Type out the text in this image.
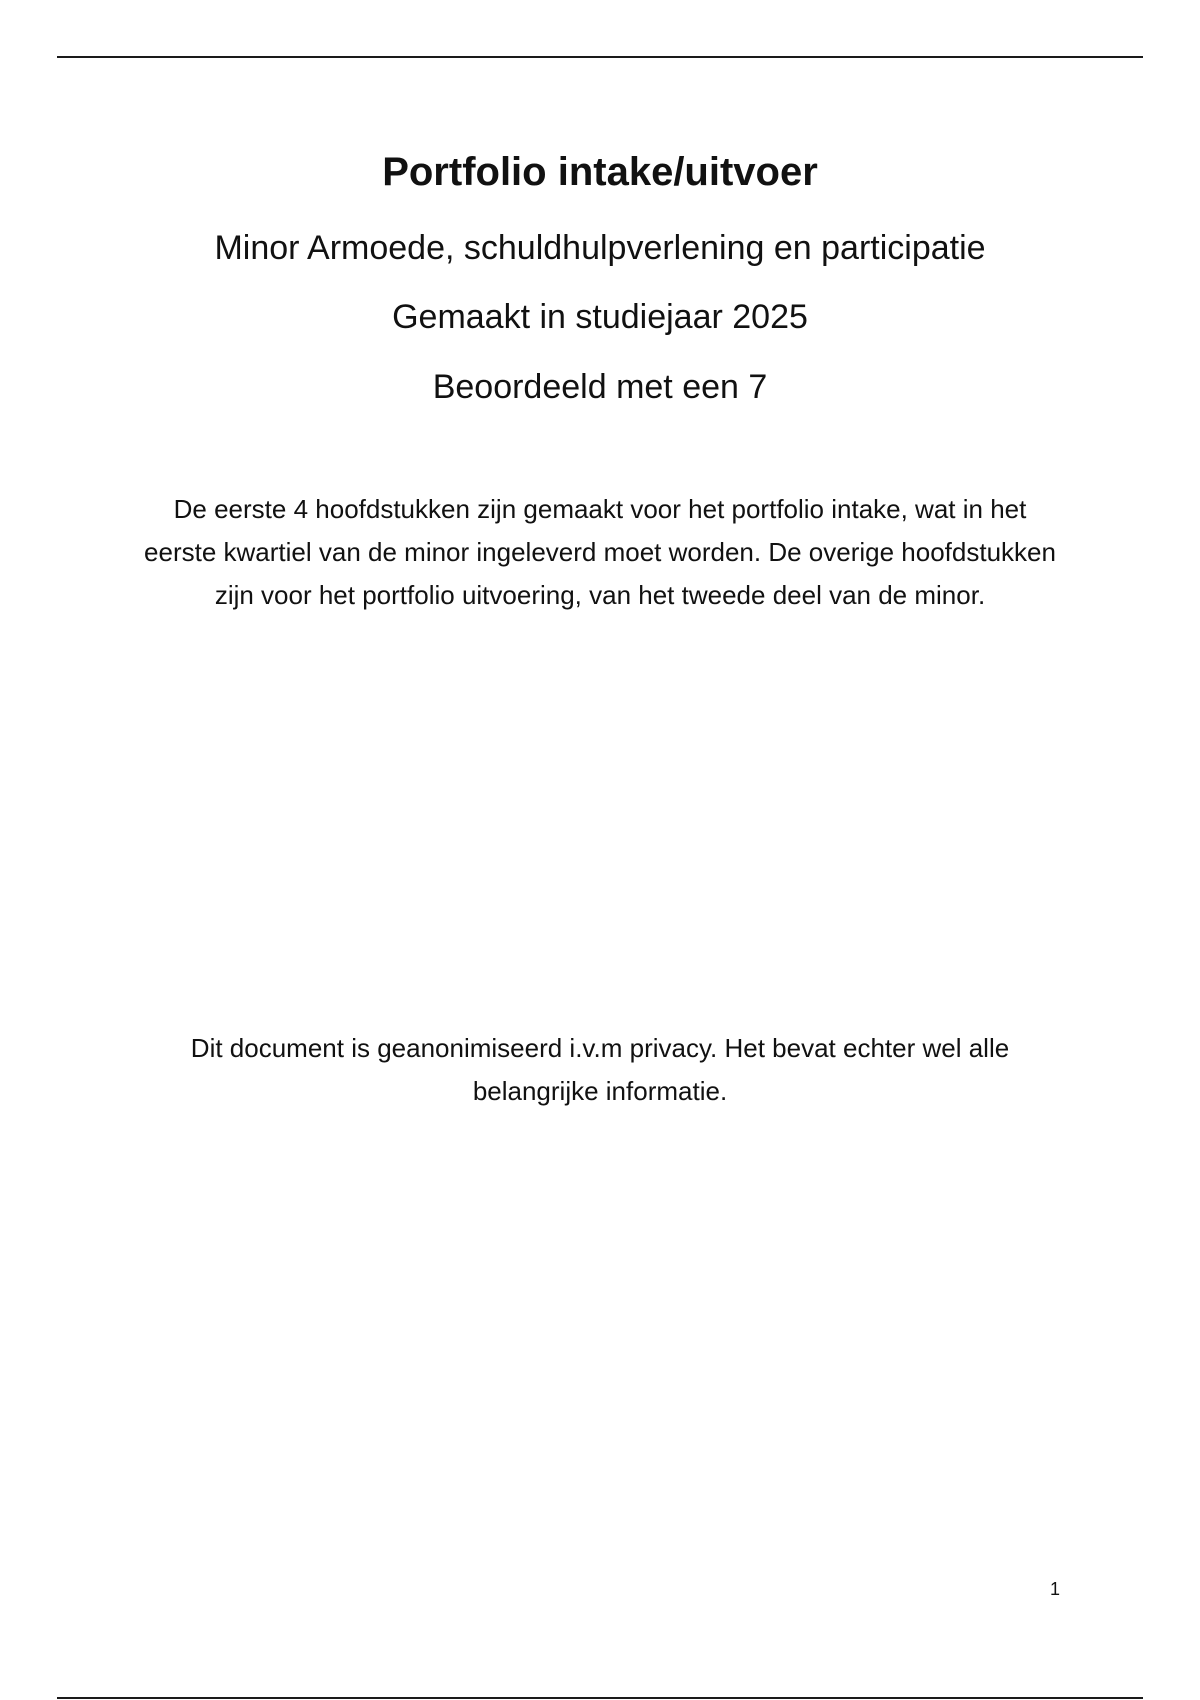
Portfolio intake/uitvoer

Minor Armoede, schuldhulpverlening en participatie

Gemaakt in studiejaar 2025

Beoordeeld met een 7

De eerste 4 hoofdstukken zijn gemaakt voor het portfolio intake, wat in het eerste kwartiel van de minor ingeleverd moet worden. De overige hoofdstukken zijn voor het portfolio uitvoering, van het tweede deel van de minor.

Dit document is geanonimiseerd i.v.m privacy. Het bevat echter wel alle belangrijke informatie.

1
